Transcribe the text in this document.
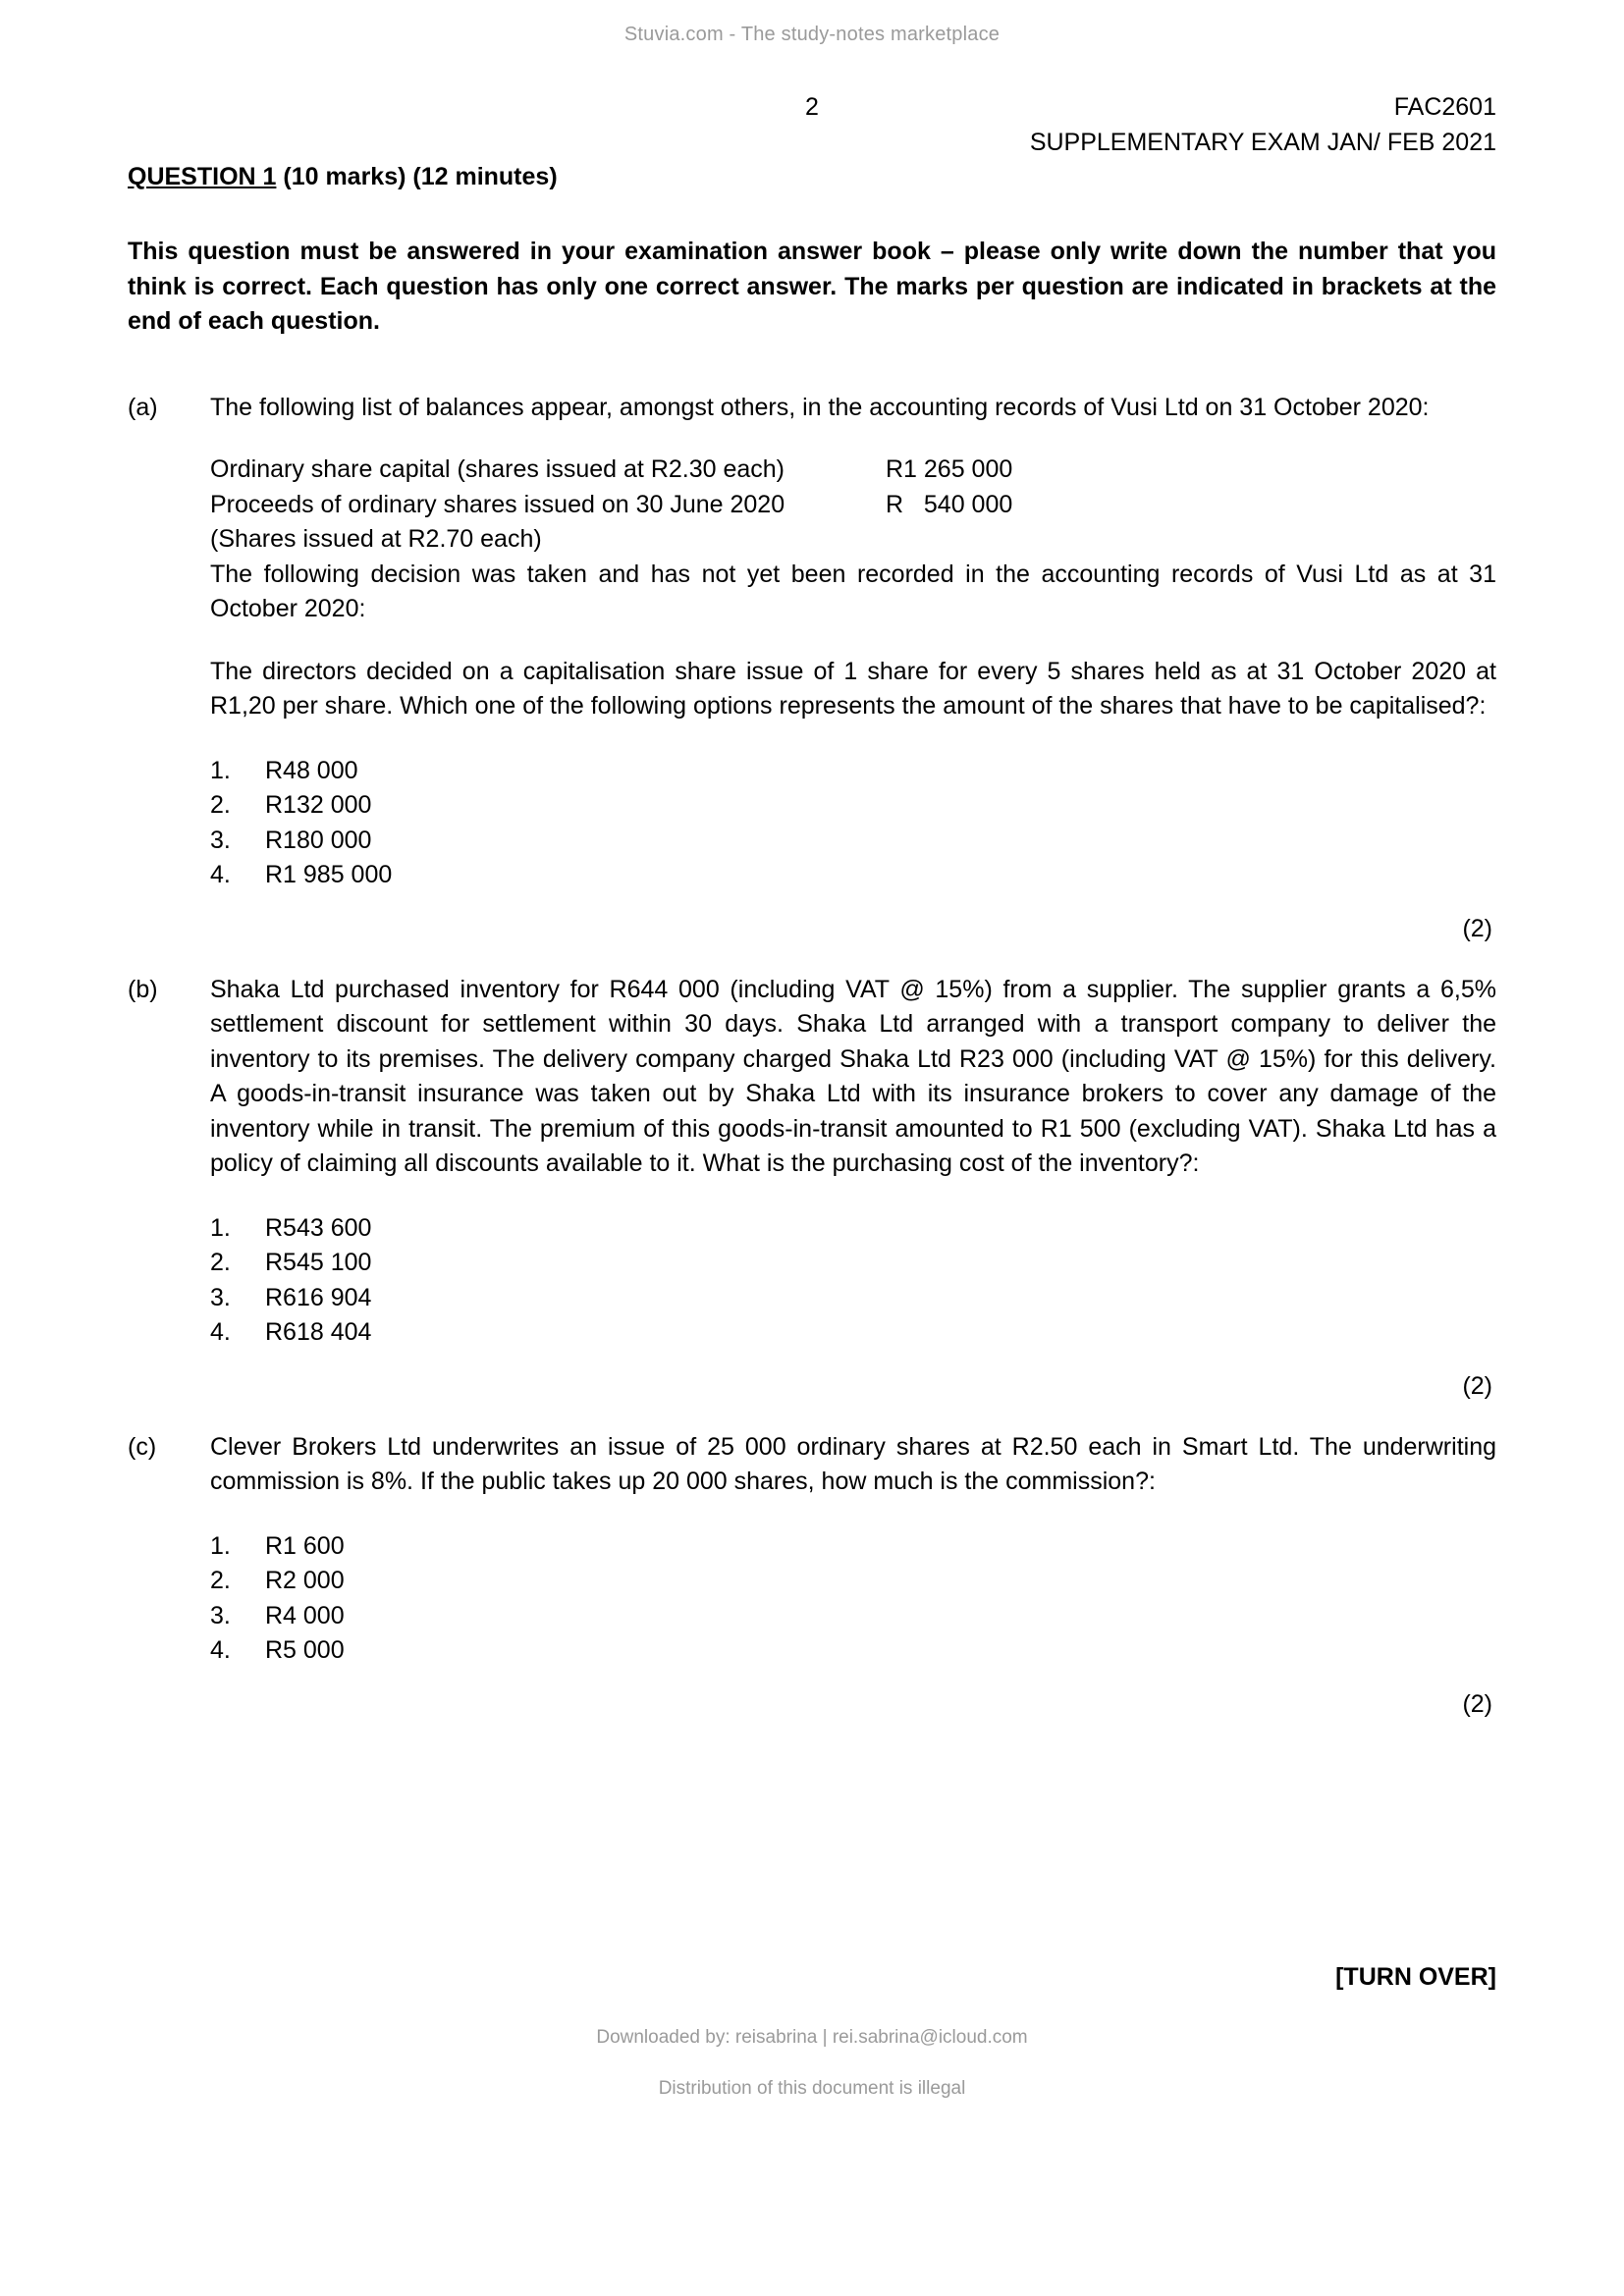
Stuvia.com - The study-notes marketplace
2	FAC2601
SUPPLEMENTARY EXAM JAN/ FEB 2021
QUESTION 1 (10 marks) (12 minutes)

This question must be answered in your examination answer book – please only write down the number that you think is correct. Each question has only one correct answer. The marks per question are indicated in brackets at the end of each question.

(a)	The following list of balances appear, amongst others, in the accounting records of Vusi Ltd on 31 October 2020:

Ordinary share capital (shares issued at R2.30 each)	R1 265 000
Proceeds of ordinary shares issued on 30 June 2020	R   540 000
(Shares issued at R2.70 each)

The following decision was taken and has not yet been recorded in the accounting records of Vusi Ltd as at 31 October 2020:

The directors decided on a capitalisation share issue of 1 share for every 5 shares held as at 31 October 2020 at R1,20 per share. Which one of the following options represents the amount of the shares that have to be capitalised?:

1.	R48 000
2.	R132 000
3.	R180 000
4.	R1 985 000
(2)
(b)	Shaka Ltd purchased inventory for R644 000 (including VAT @ 15%) from a supplier. The supplier grants a 6,5% settlement discount for settlement within 30 days. Shaka Ltd arranged with a transport company to deliver the inventory to its premises. The delivery company charged Shaka Ltd R23 000 (including VAT @ 15%) for this delivery. A goods-in-transit insurance was taken out by Shaka Ltd with its insurance brokers to cover any damage of the inventory while in transit. The premium of this goods-in-transit amounted to R1 500 (excluding VAT). Shaka Ltd has a policy of claiming all discounts available to it. What is the purchasing cost of the inventory?:

1.	R543 600
2.	R545 100
3.	R616 904
4.	R618 404
(2)
(c)	Clever Brokers Ltd underwrites an issue of 25 000 ordinary shares at R2.50 each in Smart Ltd. The underwriting commission is 8%. If the public takes up 20 000 shares, how much is the commission?:

1.	R1 600
2.	R2 000
3.	R4 000
4.	R5 000
(2)
[TURN OVER]
Downloaded by: reisabrina | rei.sabrina@icloud.com
Distribution of this document is illegal
